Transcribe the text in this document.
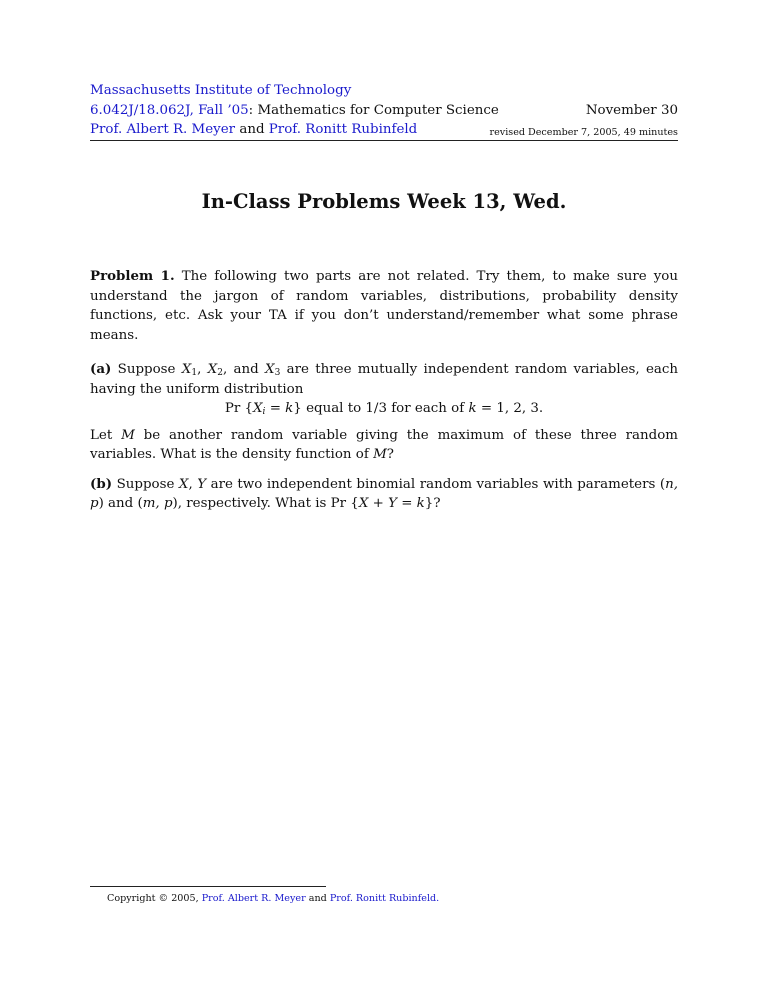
Massachusetts Institute of Technology
6.042J/18.062J, Fall ’05: Mathematics for Computer Science
Prof. Albert R. Meyer and Prof. Ronitt Rubinfeld
November 30
revised December 7, 2005, 49 minutes
In-Class Problems Week 13, Wed.

Problem 1. The following two parts are not related. Try them, to make sure you understand the jargon of random variables, distributions, probability density functions, etc. Ask your TA if you don’t understand/remember what some phrase means.

(a) Suppose $X_1$, $X_2$, and $X_3$ are three mutually independent random variables, each having the uniform distribution

Pr $\{X_i = k\}$ equal to 1/3 for each of k = 1, 2, 3.

Let M be another random variable giving the maximum of these three random variables. What is the density function of M?

(b) Suppose X, Y are two independent binomial random variables with parameters (n, p) and (m, p), respectively. What is Pr {X + Y = k}?

Copyright © 2005, Prof. Albert R. Meyer and Prof. Ronitt Rubinfeld.
